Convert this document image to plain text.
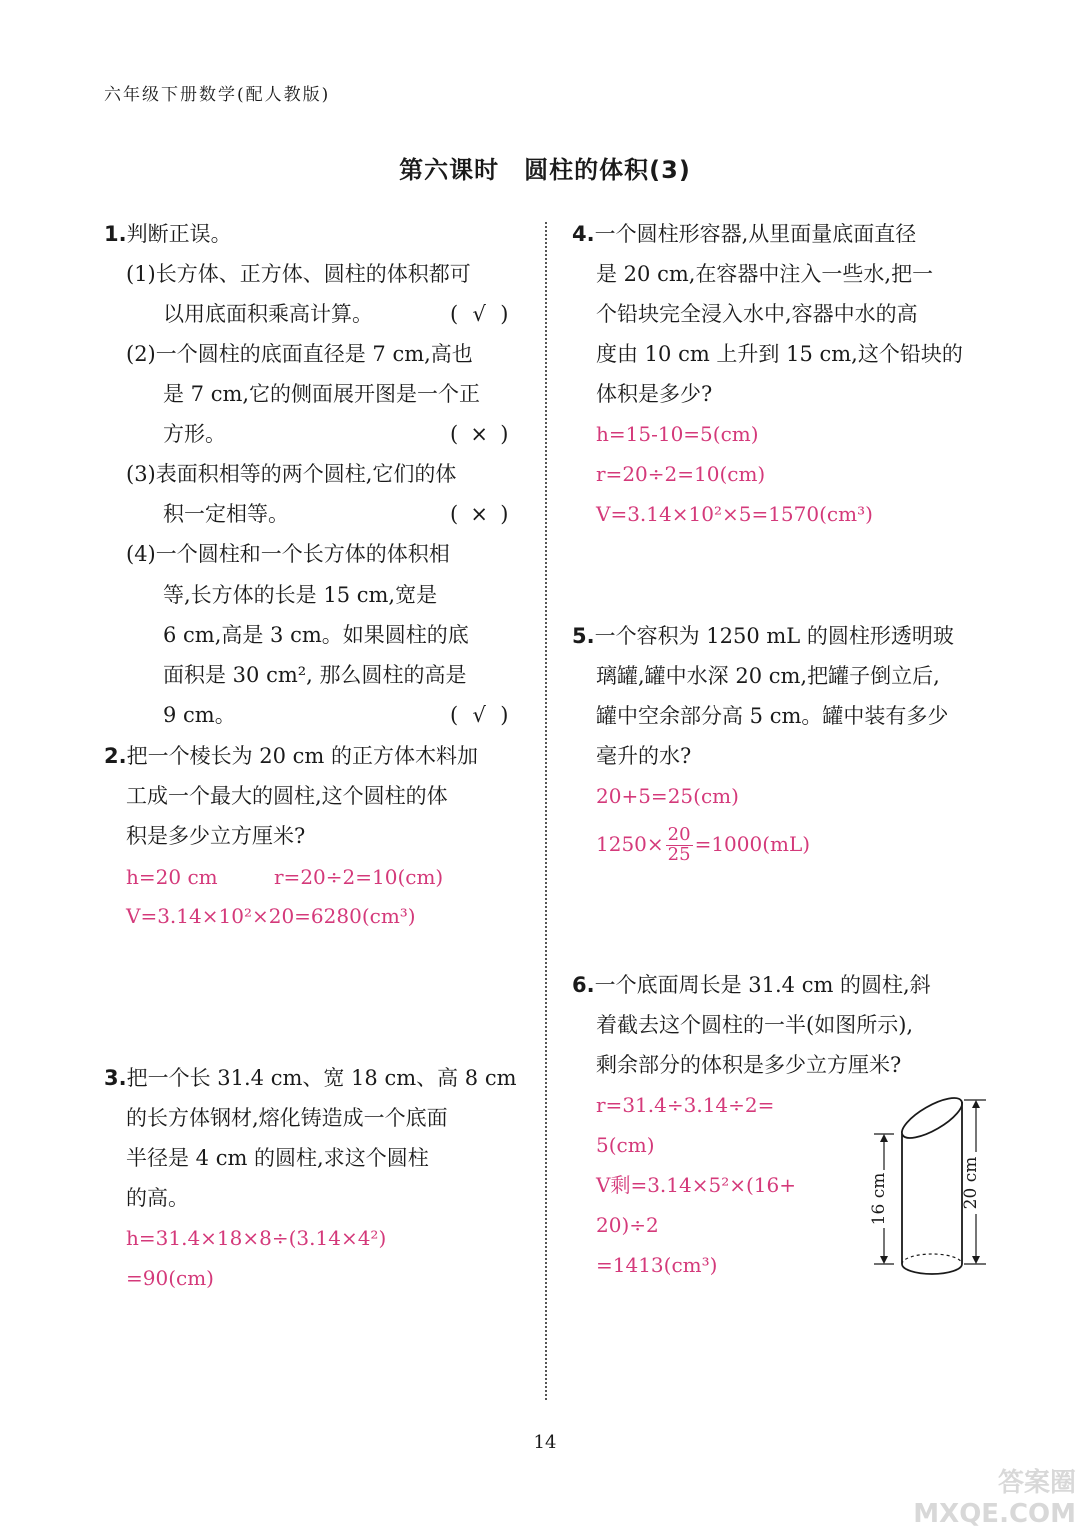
六年级下册数学(配人教版)
第六课时　圆柱的体积(3)
1.判断正误。
(1)长方体、正方体、圆柱的体积都可
以用底面积乘高计算。	( √ )
(2)一个圆柱的底面直径是 7 cm,高也
是 7 cm,它的侧面展开图是一个正
方形。	( × )
(3)表面积相等的两个圆柱,它们的体
积一定相等。	( × )
(4)一个圆柱和一个长方体的体积相
等,长方体的长是 15 cm,宽是
6 cm,高是 3 cm。如果圆柱的底
面积是 30 cm², 那么圆柱的高是
9 cm。	( √ )
2.把一个棱长为 20 cm 的正方体木料加
工成一个最大的圆柱,这个圆柱的体
积是多少立方厘米?
h=20 cm	r=20÷2=10(cm)
V=3.14×10²×20=6280(cm³)
3.把一个长 31.4 cm、宽 18 cm、高 8 cm
的长方体钢材,熔化铸造成一个底面
半径是 4 cm 的圆柱,求这个圆柱
的高。
h=31.4×18×8÷(3.14×4²)
=90(cm)
4.一个圆柱形容器,从里面量底面直径
是 20 cm,在容器中注入一些水,把一
个铅块完全浸入水中,容器中水的高
度由 10 cm 上升到 15 cm,这个铅块的
体积是多少?
h=15-10=5(cm)
r=20÷2=10(cm)
V=3.14×10²×5=1570(cm³)
5.一个容积为 1250 mL 的圆柱形透明玻
璃罐,罐中水深 20 cm,把罐子倒立后,
罐中空余部分高 5 cm。罐中装有多少
毫升的水?
20+5=25(cm)
$1250\times \frac{20}{25} =1000(mL)$
6.一个底面周长是 31.4 cm 的圆柱,斜
着截去这个圆柱的一半(如图所示),
剩余部分的体积是多少立方厘米?
r=31.4÷3.14÷2=
5(cm)
V剩=3.14×5²×(16+
20)÷2
=1413(cm³)
16 cm	20 cm
14
答案圈 MXQE.COM
